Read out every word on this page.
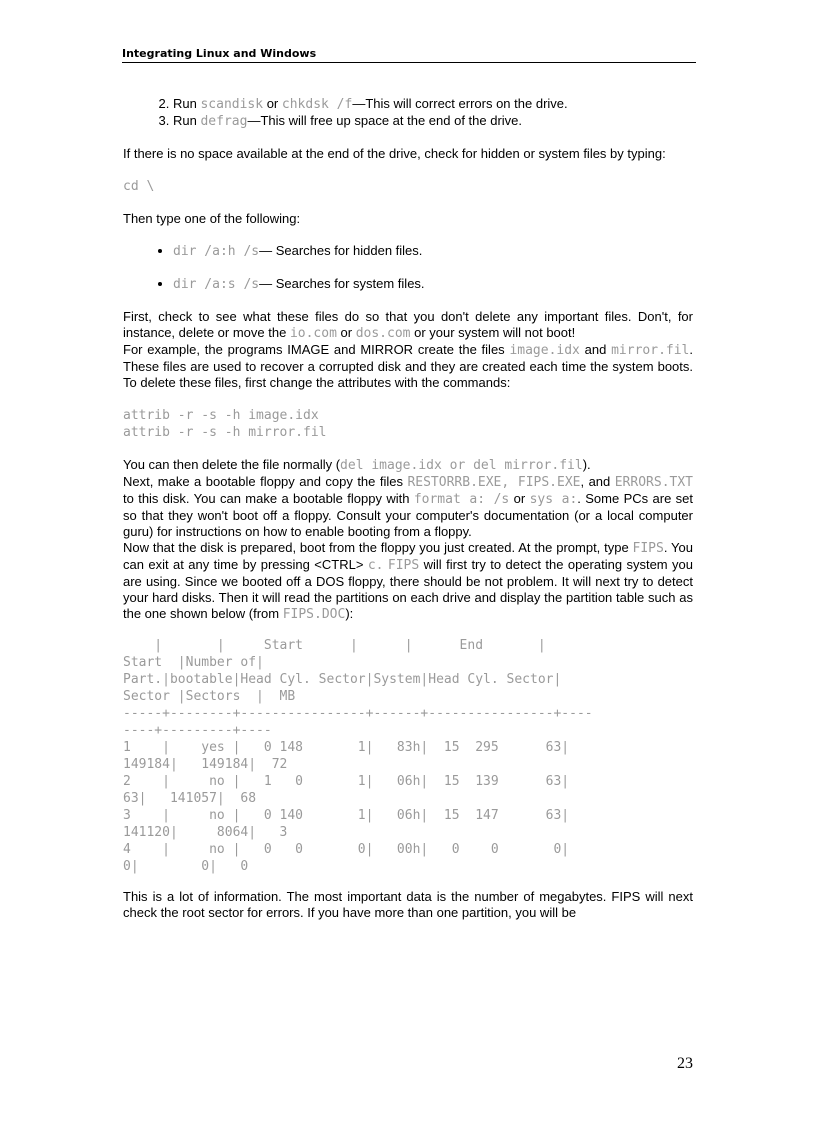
Integrating Linux and Windows
2. Run scandisk or chkdsk /f—This will correct errors on the drive.
3. Run defrag—This will free up space at the end of the drive.

If there is no space available at the end of the drive, check for hidden or system files by typing:

cd \

Then type one of the following:

• dir /a:h /s— Searches for hidden files.
• dir /a:s /s— Searches for system files.

First, check to see what these files do so that you don't delete any important files. Don't, for instance, delete or move the io.com or dos.com or your system will not boot!

For example, the programs IMAGE and MIRROR create the files image.idx and mirror.fil. These files are used to recover a corrupted disk and they are created each time the system boots. To delete these files, first change the attributes with the commands:

attrib -r -s -h image.idx
attrib -r -s -h mirror.fil

You can then delete the file normally (del image.idx or del mirror.fil).

Next, make a bootable floppy and copy the files RESTORRB.EXE, FIPS.EXE, and ERRORS.TXT to this disk. You can make a bootable floppy with format a: /s or sys a:. Some PCs are set so that they won't boot off a floppy. Consult your computer's documentation (or a local computer guru) for instructions on how to enable booting from a floppy.

Now that the disk is prepared, boot from the floppy you just created. At the prompt, type FIPS. You can exit at any time by pressing <CTRL> c. FIPS will first try to detect the operating system you are using. Since we booted off a DOS floppy, there should be not problem. It will next try to detect your hard disks. Then it will read the partitions on each drive and display the partition table such as the one shown below (from FIPS.DOC):

|       |     Start      |      |      End       |
Start  |Number of|
Part.|bootable|Head Cyl. Sector|System|Head Cyl. Sector|
Sector |Sectors  |  MB
-----+--------+----------------+------+----------------+----
----+---------+----
1    |    yes |   0 148       1|   83h|  15  295      63|
149184|   149184|  72
2    |     no |   1   0       1|   06h|  15  139      63|
63|   141057|  68
3    |     no |   0 140       1|   06h|  15  147      63|
141120|     8064|   3
4    |     no |   0   0       0|   00h|   0    0       0|
0|        0|   0

This is a lot of information. The most important data is the number of megabytes. FIPS will next check the root sector for errors. If you have more than one partition, you will be

23
